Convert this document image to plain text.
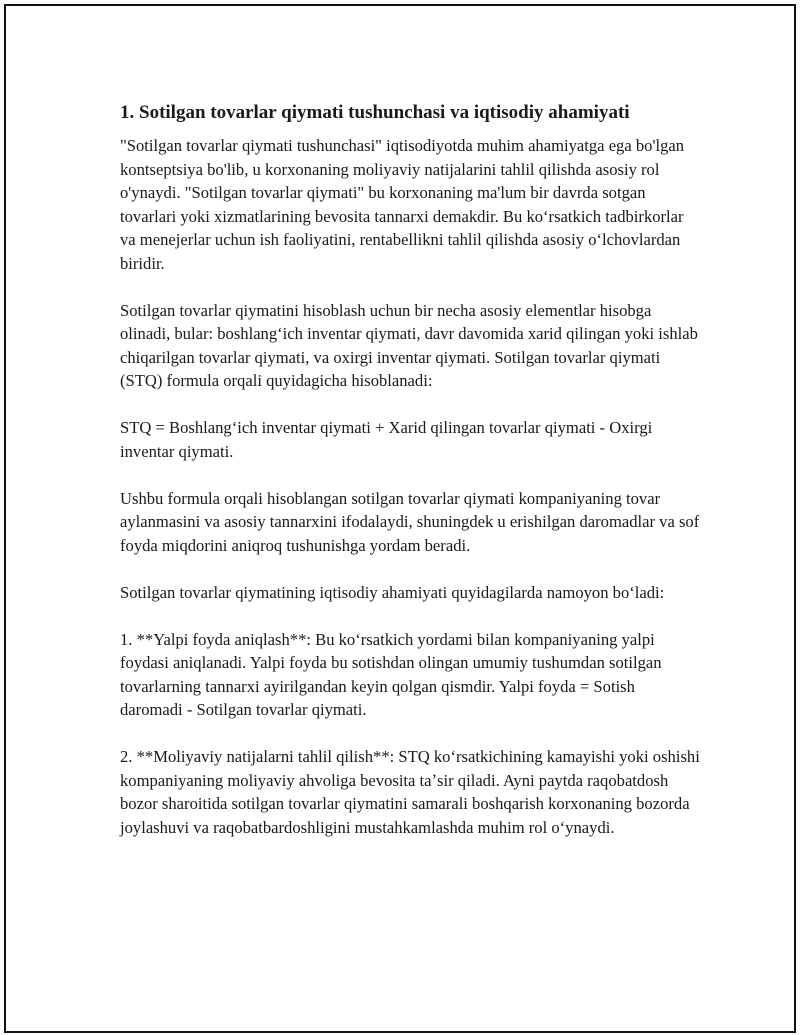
1. Sotilgan tovarlar qiymati tushunchasi va iqtisodiy ahamiyati

"Sotilgan tovarlar qiymati tushunchasi" iqtisodiyotda muhim ahamiyatga ega bo'lgan kontseptsiya bo'lib, u korxonaning moliyaviy natijalarini tahlil qilishda asosiy rol o'ynaydi. "Sotilgan tovarlar qiymati" bu korxonaning ma'lum bir davrda sotgan tovarlari yoki xizmatlarining bevosita tannarxi demakdir. Bu koʻrsatkich tadbirkorlar va menejerlar uchun ish faoliyatini, rentabellikni tahlil qilishda asosiy oʻlchovlardan biridir.

Sotilgan tovarlar qiymatini hisoblash uchun bir necha asosiy elementlar hisobga olinadi, bular: boshlangʻich inventar qiymati, davr davomida xarid qilingan yoki ishlab chiqarilgan tovarlar qiymati, va oxirgi inventar qiymati. Sotilgan tovarlar qiymati (STQ) formula orqali quyidagicha hisoblanadi:

STQ = Boshlangʻich inventar qiymati + Xarid qilingan tovarlar qiymati - Oxirgi inventar qiymati.

Ushbu formula orqali hisoblangan sotilgan tovarlar qiymati kompaniyaning tovar aylanmasini va asosiy tannarxini ifodalaydi, shuningdek u erishilgan daromadlar va sof foyda miqdorini aniqroq tushunishga yordam beradi.

Sotilgan tovarlar qiymatining iqtisodiy ahamiyati quyidagilarda namoyon boʻladi:

1. **Yalpi foyda aniqlash**: Bu koʻrsatkich yordami bilan kompaniyaning yalpi foydasi aniqlanadi. Yalpi foyda bu sotishdan olingan umumiy tushumdan sotilgan tovarlarning tannarxi ayirilgandan keyin qolgan qismdir. Yalpi foyda = Sotish daromadi - Sotilgan tovarlar qiymati.

2. **Moliyaviy natijalarni tahlil qilish**: STQ koʻrsatkichining kamayishi yoki oshishi kompaniyaning moliyaviy ahvoliga bevosita taʼsir qiladi. Ayni paytda raqobatdosh bozor sharoitida sotilgan tovarlar qiymatini samarali boshqarish korxonaning bozorda joylashuvi va raqobatbardoshligini mustahkamlashda muhim rol oʻynaydi.
